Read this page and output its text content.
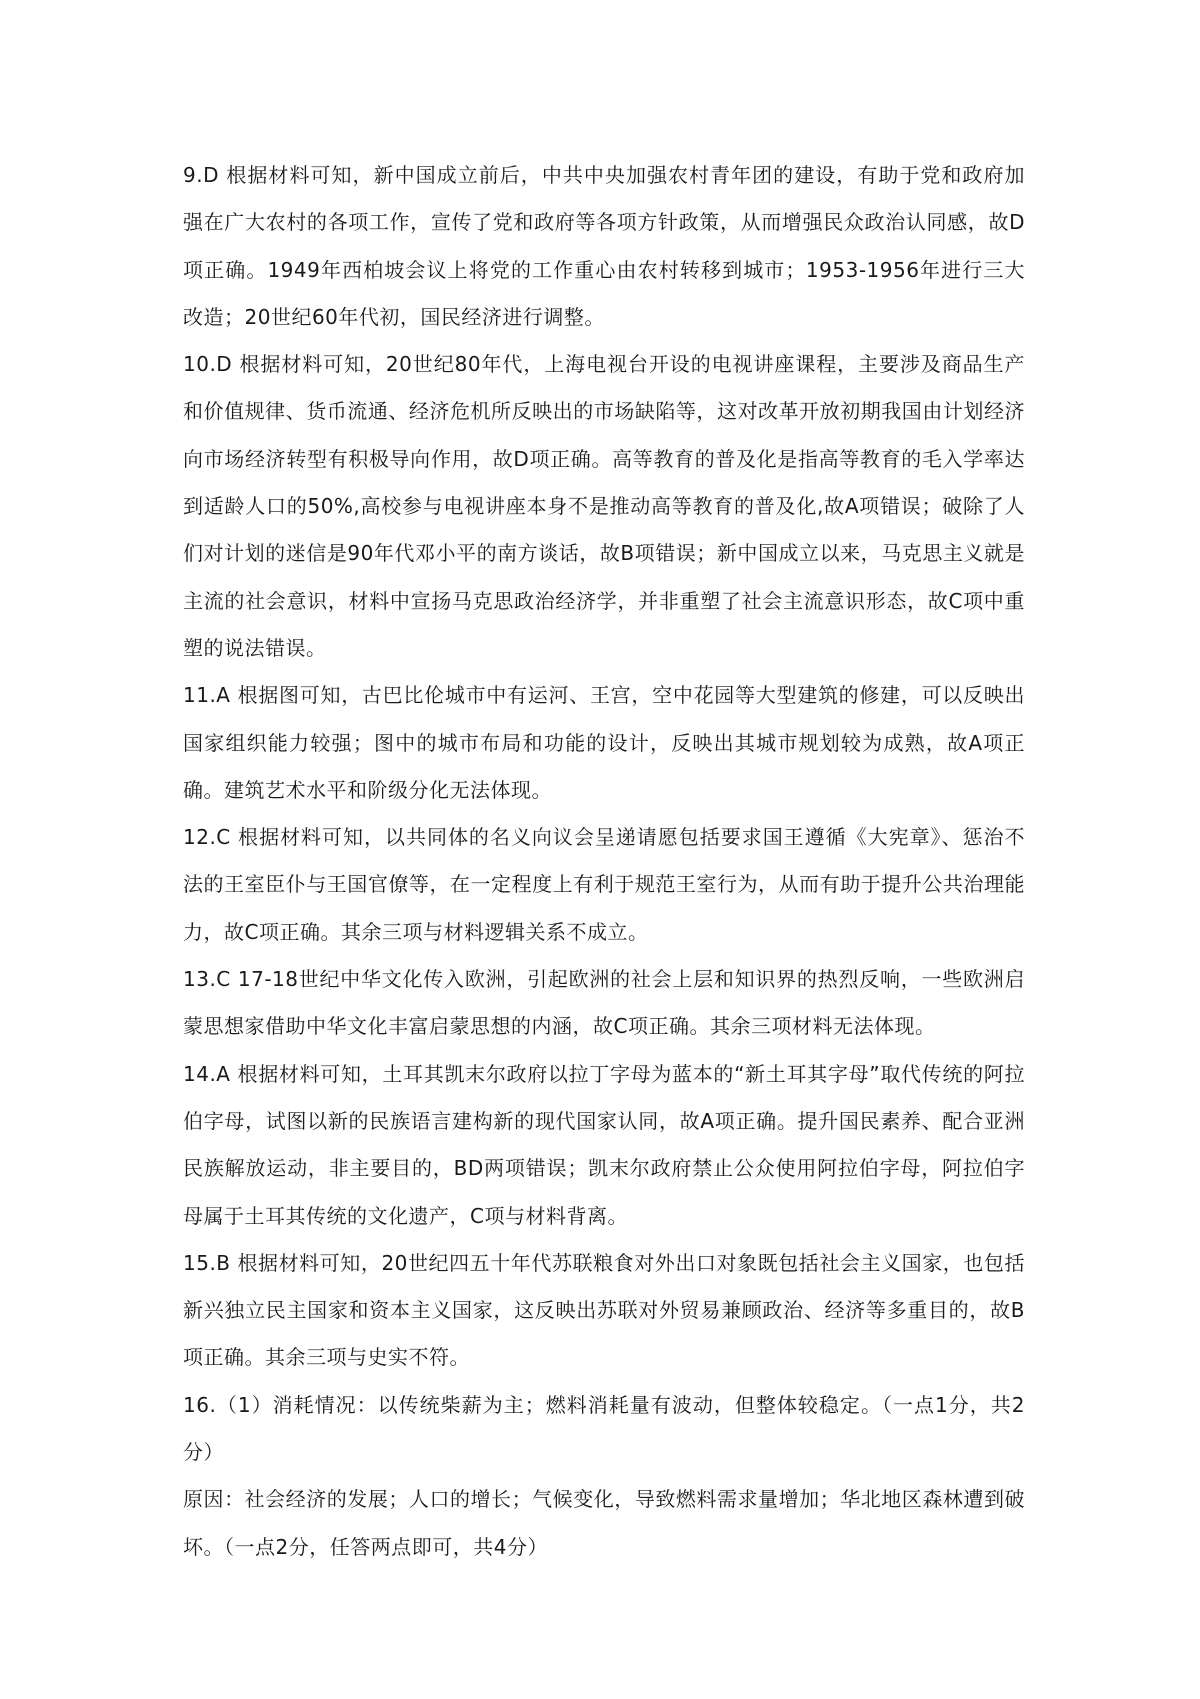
9.D 根据材料可知，新中国成立前后，中共中央加强农村青年团的建设，有助于党和政府加强在广大农村的各项工作，宣传了党和政府等各项方针政策，从而增强民众政治认同感，故D项正确。1949年西柏坡会议上将党的工作重心由农村转移到城市；1953-1956年进行三大改造；20世纪60年代初，国民经济进行调整。

10.D 根据材料可知，20世纪80年代，上海电视台开设的电视讲座课程，主要涉及商品生产和价值规律、货币流通、经济危机所反映出的市场缺陷等，这对改革开放初期我国由计划经济向市场经济转型有积极导向作用，故D项正确。高等教育的普及化是指高等教育的毛入学率达到适龄人口的50%,高校参与电视讲座本身不是推动高等教育的普及化,故A项错误；破除了人们对计划的迷信是90年代邓小平的南方谈话，故B项错误；新中国成立以来，马克思主义就是主流的社会意识，材料中宣扬马克思政治经济学，并非重塑了社会主流意识形态，故C项中重塑的说法错误。

11.A 根据图可知，古巴比伦城市中有运河、王宫，空中花园等大型建筑的修建，可以反映出国家组织能力较强；图中的城市布局和功能的设计，反映出其城市规划较为成熟，故A项正确。建筑艺术水平和阶级分化无法体现。

12.C 根据材料可知，以共同体的名义向议会呈递请愿包括要求国王遵循《大宪章》、惩治不法的王室臣仆与王国官僚等，在一定程度上有利于规范王室行为，从而有助于提升公共治理能力，故C项正确。其余三项与材料逻辑关系不成立。

13.C 17-18世纪中华文化传入欧洲，引起欧洲的社会上层和知识界的热烈反响，一些欧洲启蒙思想家借助中华文化丰富启蒙思想的内涵，故C项正确。其余三项材料无法体现。

14.A 根据材料可知，土耳其凯末尔政府以拉丁字母为蓝本的“新土耳其字母”取代传统的阿拉伯字母，试图以新的民族语言建构新的现代国家认同，故A项正确。提升国民素养、配合亚洲民族解放运动，非主要目的，BD两项错误；凯末尔政府禁止公众使用阿拉伯字母，阿拉伯字母属于土耳其传统的文化遗产，C项与材料背离。

15.B 根据材料可知，20世纪四五十年代苏联粮食对外出口对象既包括社会主义国家，也包括新兴独立民主国家和资本主义国家，这反映出苏联对外贸易兼顾政治、经济等多重目的，故B项正确。其余三项与史实不符。

16.（1）消耗情况：以传统柴薪为主；燃料消耗量有波动，但整体较稳定。（一点1分，共2分）

原因：社会经济的发展；人口的增长；气候变化，导致燃料需求量增加；华北地区森林遭到破坏。（一点2分，任答两点即可，共4分）
